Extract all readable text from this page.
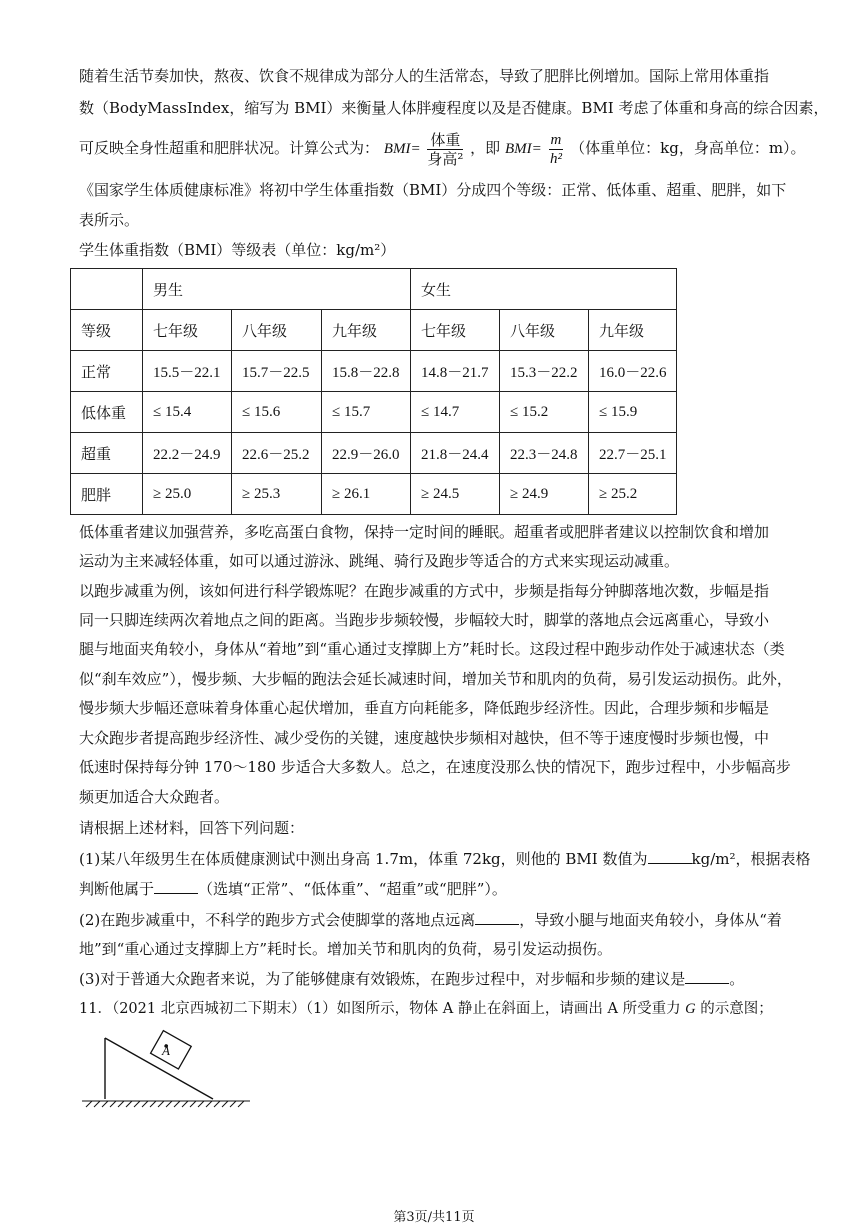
随着生活节奏加快，熬夜、饮食不规律成为部分人的生活常态，导致了肥胖比例增加。国际上常用体重指
数（BodyMassIndex，缩写为 BMI）来衡量人体胖瘦程度以及是否健康。BMI 考虑了体重和身高的综合因素，
可反映全身性超重和肥胖状况。计算公式为： $BMI= \frac{\text{体重}}{\text{身高²}}$ ，即 $BMI= \frac{m}{\text{h²}}$ （体重单位：kg，身高单位：m）。
《国家学生体质健康标准》将初中学生体重指数（BMI）分成四个等级：正常、低体重、超重、肥胖，如下
表所示。
学生体重指数（BMI）等级表（单位：kg/m²）
	男生			女生		
等级	七年级	八年级	九年级	七年级	八年级	九年级
正常	15.5－22.1	15.7－22.5	15.8－22.8	14.8－21.7	15.3－22.2	16.0－22.6
低体重	≤ 15.4	≤ 15.6	≤ 15.7	≤ 14.7	≤ 15.2	≤ 15.9
超重	22.2－24.9	22.6－25.2	22.9－26.0	21.8－24.4	22.3－24.8	22.7－25.1
肥胖	≥ 25.0	≥ 25.3	≥ 26.1	≥ 24.5	≥ 24.9	≥ 25.2
低体重者建议加强营养，多吃高蛋白食物，保持一定时间的睡眠。超重者或肥胖者建议以控制饮食和增加
运动为主来减轻体重，如可以通过游泳、跳绳、骑行及跑步等适合的方式来实现运动减重。
以跑步减重为例，该如何进行科学锻炼呢？在跑步减重的方式中，步频是指每分钟脚落地次数，步幅是指
同一只脚连续两次着地点之间的距离。当跑步步频较慢，步幅较大时，脚掌的落地点会远离重心，导致小
腿与地面夹角较小，身体从“着地”到“重心通过支撑脚上方”耗时长。这段过程中跑步动作处于减速状态（类
似“刹车效应”），慢步频、大步幅的跑法会延长减速时间，增加关节和肌肉的负荷，易引发运动损伤。此外，
慢步频大步幅还意味着身体重心起伏增加，垂直方向耗能多，降低跑步经济性。因此，合理步频和步幅是
大众跑步者提高跑步经济性、减少受伤的关键，速度越快步频相对越快，但不等于速度慢时步频也慢，中
低速时保持每分钟 170～180 步适合大多数人。总之，在速度没那么快的情况下，跑步过程中，小步幅高步
频更加适合大众跑者。
请根据上述材料，回答下列问题：
(1)某八年级男生在体质健康测试中测出身高 1.7m，体重 72kg，则他的 BMI 数值为	kg/m²，根据表格
判断他属于	（选填“正常”、“低体重”、“超重”或“肥胖”）。
(2)在跑步减重中，不科学的跑步方式会使脚掌的落地点远离	，导致小腿与地面夹角较小，身体从“着
地”到“重心通过支撑脚上方”耗时长。增加关节和肌肉的负荷，易引发运动损伤。
(3)对于普通大众跑者来说，为了能够健康有效锻炼，在跑步过程中，对步幅和步频的建议是	。
11．（2021 北京西城初二下期末）（1）如图所示，物体 A 静止在斜面上，请画出 A 所受重力 G 的示意图；
A
第3页/共11页
